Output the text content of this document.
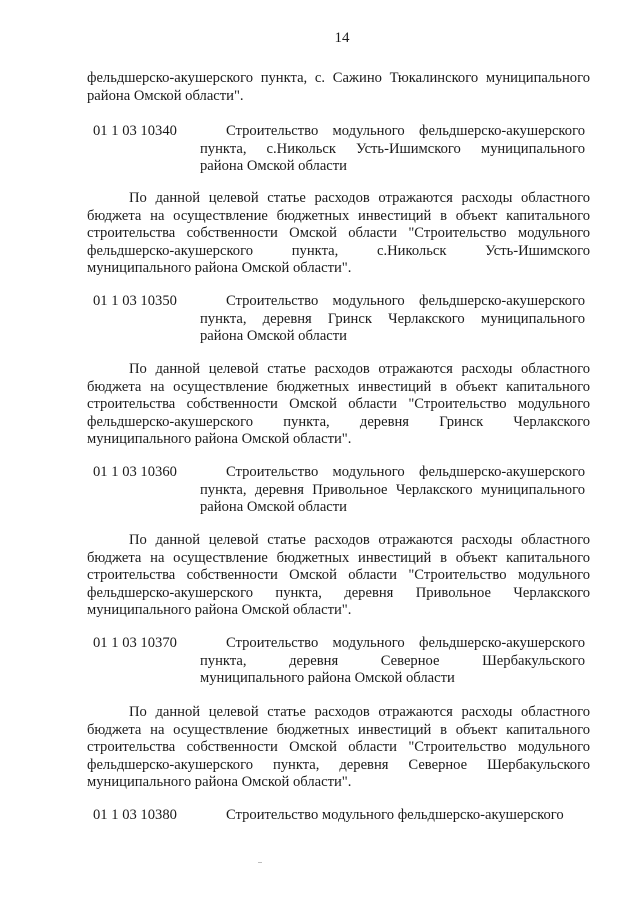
14
фельдшерско-акушерского пункта, с. Сажино Тюкалинского муниципального
района Омской области".
01 1 03 10340	Строительство модульного фельдшерско-акушерского
пункта, с.Никольск Усть-Ишимского муниципального
района Омской области
По данной целевой статье расходов отражаются расходы областного
бюджета на осуществление бюджетных инвестиций в объект капитального
строительства собственности Омской области "Строительство модульного
фельдшерско-акушерского пункта, с.Никольск Усть-Ишимского
муниципального района Омской области".
01 1 03 10350	Строительство модульного фельдшерско-акушерского
пункта, деревня Гринск Черлакского муниципального
района Омской области
По данной целевой статье расходов отражаются расходы областного
бюджета на осуществление бюджетных инвестиций в объект капитального
строительства собственности Омской области "Строительство модульного
фельдшерско-акушерского пункта, деревня Гринск Черлакского
муниципального района Омской области".
01 1 03 10360	Строительство модульного фельдшерско-акушерского
пункта, деревня Привольное Черлакского муниципального
района Омской области
По данной целевой статье расходов отражаются расходы областного
бюджета на осуществление бюджетных инвестиций в объект капитального
строительства собственности Омской области "Строительство модульного
фельдшерско-акушерского пункта, деревня Привольное Черлакского
муниципального района Омской области".
01 1 03 10370	Строительство модульного фельдшерско-акушерского
пункта, деревня Северное Шербакульского
муниципального района Омской области
По данной целевой статье расходов отражаются расходы областного
бюджета на осуществление бюджетных инвестиций в объект капитального
строительства собственности Омской области "Строительство модульного
фельдшерско-акушерского пункта, деревня Северное Шербакульского
муниципального района Омской области".
01 1 03 10380	Строительство модульного фельдшерско-акушерского
